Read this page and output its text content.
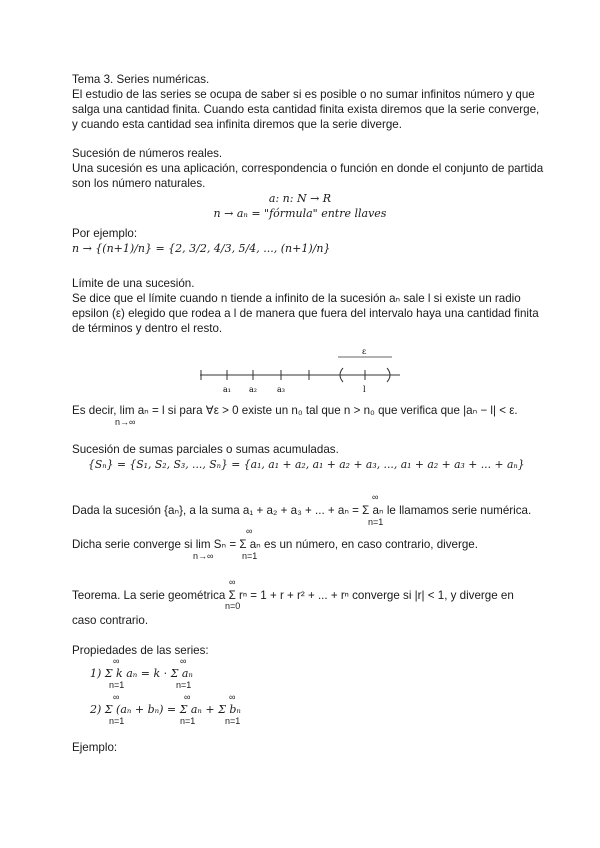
Tema 3. Series numéricas.
El estudio de las series se ocupa de saber si es posible o no sumar infinitos número y que
salga una cantidad finita. Cuando esta cantidad finita exista diremos que la serie converge,
y cuando esta cantidad sea infinita diremos que la serie diverge.
Sucesión de números reales.
Una sucesión es una aplicación, correspondencia o función en donde el conjunto de partida
son los número naturales.
a: n: N → R
n → aₙ = "fórmula" entre llaves
Por ejemplo:
n → {(n+1)/n} = {2, 3/2, 4/3, 5/4, ..., (n+1)/n}
Límite de una sucesión.
Se dice que el límite cuando n tiende a infinito de la sucesión aₙ sale l si existe un radio
epsilon (ε) elegido que rodea a l de manera que fuera del intervalo haya una cantidad finita
de términos y dentro el resto.
ε
a₁ a₂	a₃	l
Es decir, lim aₙ = l si para ∀ε > 0 existe un n₀ tal que n > n₀ que verifica que |aₙ − l| < ε.
n→∞
Sucesión de sumas parciales o sumas acumuladas.
{Sₙ} = {S₁, S₂, S₃, ..., Sₙ} = {a₁, a₁ + a₂, a₁ + a₂ + a₃, ..., a₁ + a₂ + a₃ + ... + aₙ}
∞
Dada la sucesión {aₙ}, a la suma a₁ + a₂ + a₃ + ... + aₙ = Σ aₙ le llamamos serie numérica.
n=1
∞
Dicha serie converge si lim Sₙ = Σ aₙ es un número, en caso contrario, diverge.
n→∞	n=1
∞
Teorema. La serie geométrica Σ rⁿ = 1 + r + r² + ... + rⁿ converge si |r| < 1, y diverge en
n=0
caso contrario.
Propiedades de las series:
∞	∞
1) Σ k aₙ = k · Σ aₙ
n=1	n=1
∞	∞	∞
2) Σ (aₙ + bₙ) = Σ aₙ + Σ bₙ
n=1	n=1	n=1
Ejemplo:
